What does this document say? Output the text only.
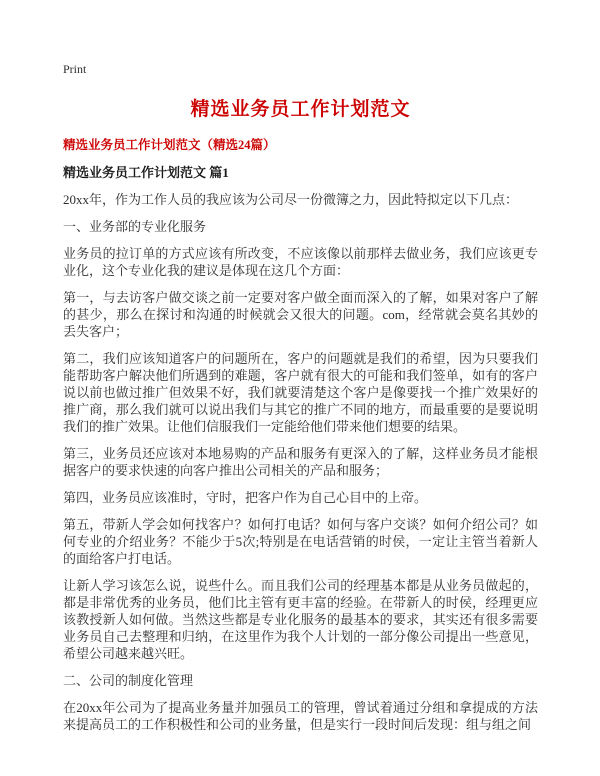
Print
精选业务员工作计划范文
精选业务员工作计划范文（精选24篇）
精选业务员工作计划范文 篇1

20xx年，作为工作人员的我应该为公司尽一份微簿之力，因此特拟定以下几点：

一、业务部的专业化服务

业务员的拉订单的方式应该有所改变，不应该像以前那样去做业务，我们应该更专业化，这个专业化我的建议是体现在这几个方面：

第一，与去访客户做交谈之前一定要对客户做全面而深入的了解，如果对客户了解的甚少，那么在探讨和沟通的时候就会又很大的问题。com，经常就会莫名其妙的丢失客户；

第二，我们应该知道客户的问题所在，客户的问题就是我们的希望，因为只要我们能帮助客户解决他们所遇到的难题，客户就有很大的可能和我们签单，如有的客户说以前也做过推广但效果不好，我们就要清楚这个客户是像要找一个推广效果好的推广商，那么我们就可以说出我们与其它的推广不同的地方，而最重要的是要说明我们的推广效果。让他们信服我们一定能给他们带来他们想要的结果。

第三，业务员还应该对本地易购的产品和服务有更深入的了解，这样业务员才能根据客户的要求快速的向客户推出公司相关的产品和服务；

第四，业务员应该准时，守时，把客户作为自己心目中的上帝。

第五，带新人学会如何找客户？如何打电话？如何与客户交谈？如何介绍公司？如何专业的介绍业务？不能少于5次;特别是在电话营销的时侯，一定让主管当着新人的面给客户打电话。

让新人学习该怎么说，说些什么。而且我们公司的经理基本都是从业务员做起的，都是非常优秀的业务员，他们比主管有更丰富的经验。在带新人的时侯，经理更应该教授新人如何做。当然这些都是专业化服务的最基本的要求，其实还有很多需要业务员自己去整理和归纳，在这里作为我个人计划的一部分像公司提出一些意见，希望公司越来越兴旺。

二、公司的制度化管理

在20xx年公司为了提高业务量并加强员工的管理，曾试着通过分组和拿提成的方法来提高员工的工作积极性和公司的业务量，但是实行一段时间后发现：组与组之间
